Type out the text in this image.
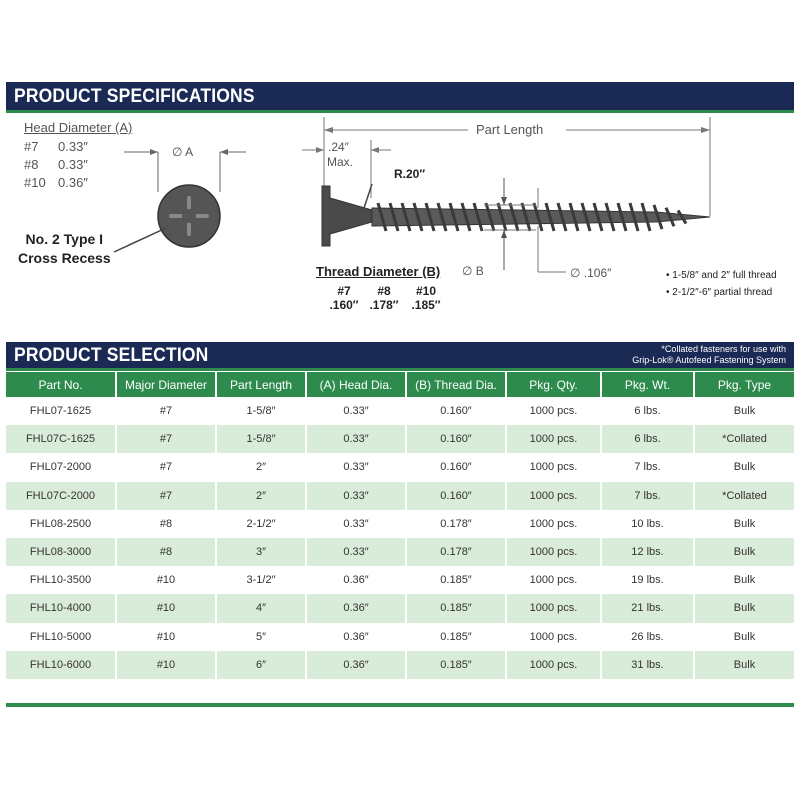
PRODUCT SPECIFICATIONS
Head Diameter (A)
#7 0.33″
#8 0.33″
#10 0.36″
∅ A
No. 2 Type I
Cross Recess
Part Length
.24″
Max.
R.20″
∅ B	∅ .106″
Thread Diameter (B)
#7
.160″
#8
.178″
#10
.185″
• 1-5/8″ and 2″ full thread
• 2-1/2″-6″ partial thread
PRODUCT SELECTION	*Collated fasteners for use with
Grip-Lok® Autofeed Fastening System
Part No.	Major Diameter	Part Length	(A) Head Dia.	(B) Thread Dia.	Pkg. Qty.	Pkg. Wt.	Pkg. Type
FHL07-1625	#7	1-5/8″	0.33″	0.160″	1000 pcs.	6 lbs.	Bulk
FHL07C-1625	#7	1-5/8″	0.33″	0.160″	1000 pcs.	6 lbs.	*Collated
FHL07-2000	#7	2″	0.33″	0.160″	1000 pcs.	7 lbs.	Bulk
FHL07C-2000	#7	2″	0.33″	0.160″	1000 pcs.	7 lbs.	*Collated
FHL08-2500	#8	2-1/2″	0.33″	0.178″	1000 pcs.	10 lbs.	Bulk
FHL08-3000	#8	3″	0.33″	0.178″	1000 pcs.	12 lbs.	Bulk
FHL10-3500	#10	3-1/2″	0.36″	0.185″	1000 pcs.	19 lbs.	Bulk
FHL10-4000	#10	4″	0.36″	0.185″	1000 pcs.	21 lbs.	Bulk
FHL10-5000	#10	5″	0.36″	0.185″	1000 pcs.	26 lbs.	Bulk
FHL10-6000	#10	6″	0.36″	0.185″	1000 pcs.	31 lbs.	Bulk
